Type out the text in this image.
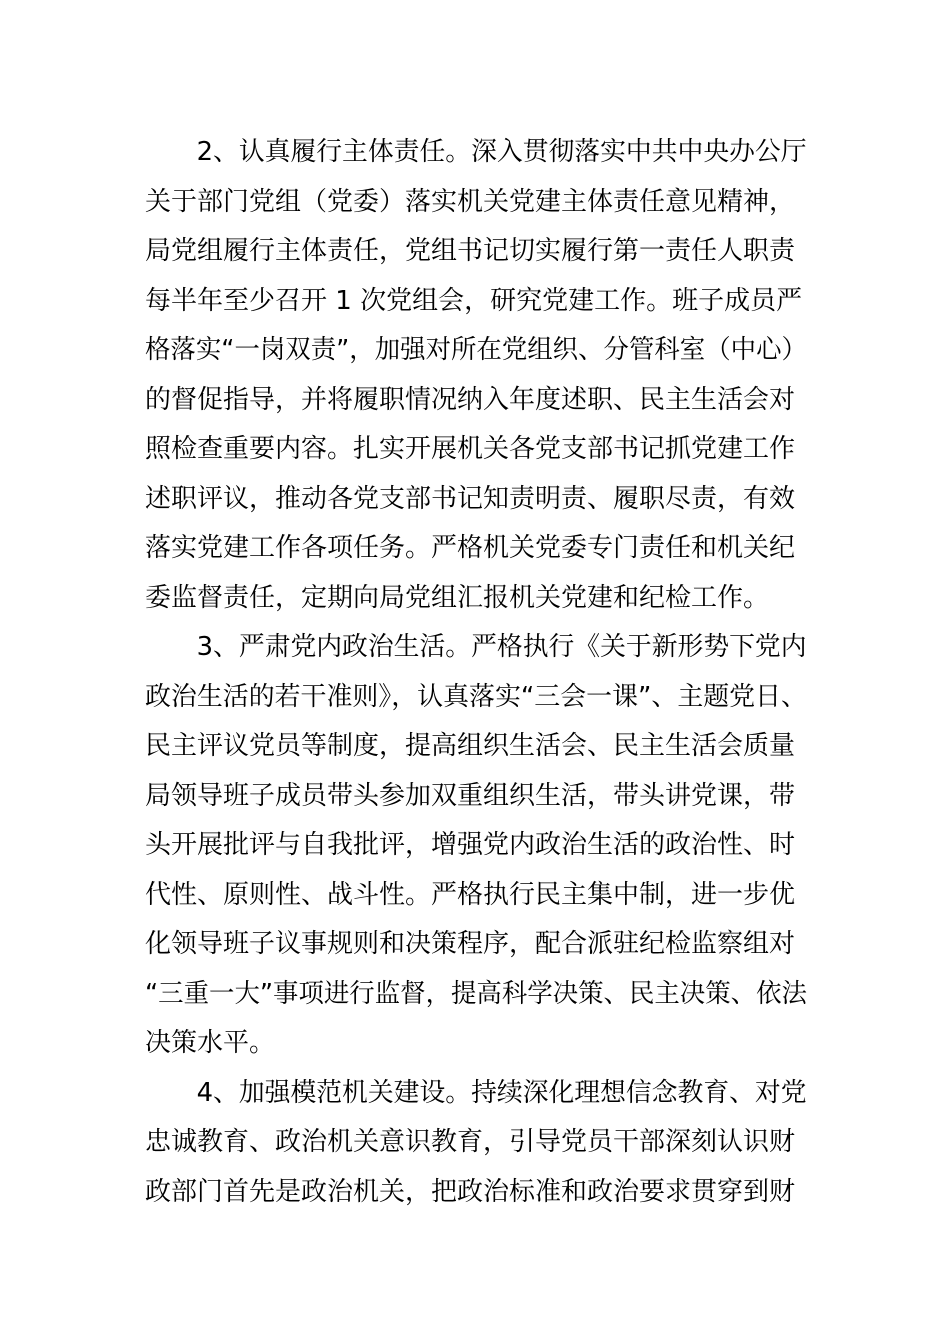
2、认真履行主体责任。深入贯彻落实中共中央办公厅
关于部门党组（党委）落实机关党建主体责任意见精神，
局党组履行主体责任，党组书记切实履行第一责任人职责
每半年至少召开 1 次党组会，研究党建工作。班子成员严
格落实“一岗双责”，加强对所在党组织、分管科室（中心）
的督促指导，并将履职情况纳入年度述职、民主生活会对
照检查重要内容。扎实开展机关各党支部书记抓党建工作
述职评议，推动各党支部书记知责明责、履职尽责，有效
落实党建工作各项任务。严格机关党委专门责任和机关纪
委监督责任，定期向局党组汇报机关党建和纪检工作。

3、严肃党内政治生活。严格执行《关于新形势下党内
政治生活的若干准则》，认真落实“三会一课”、主题党日、
民主评议党员等制度，提高组织生活会、民主生活会质量
局领导班子成员带头参加双重组织生活，带头讲党课，带
头开展批评与自我批评，增强党内政治生活的政治性、时
代性、原则性、战斗性。严格执行民主集中制，进一步优
化领导班子议事规则和决策程序，配合派驻纪检监察组对
“三重一大”事项进行监督，提高科学决策、民主决策、依法
决策水平。

4、加强模范机关建设。持续深化理想信念教育、对党
忠诚教育、政治机关意识教育，引导党员干部深刻认识财
政部门首先是政治机关，把政治标准和政治要求贯穿到财
